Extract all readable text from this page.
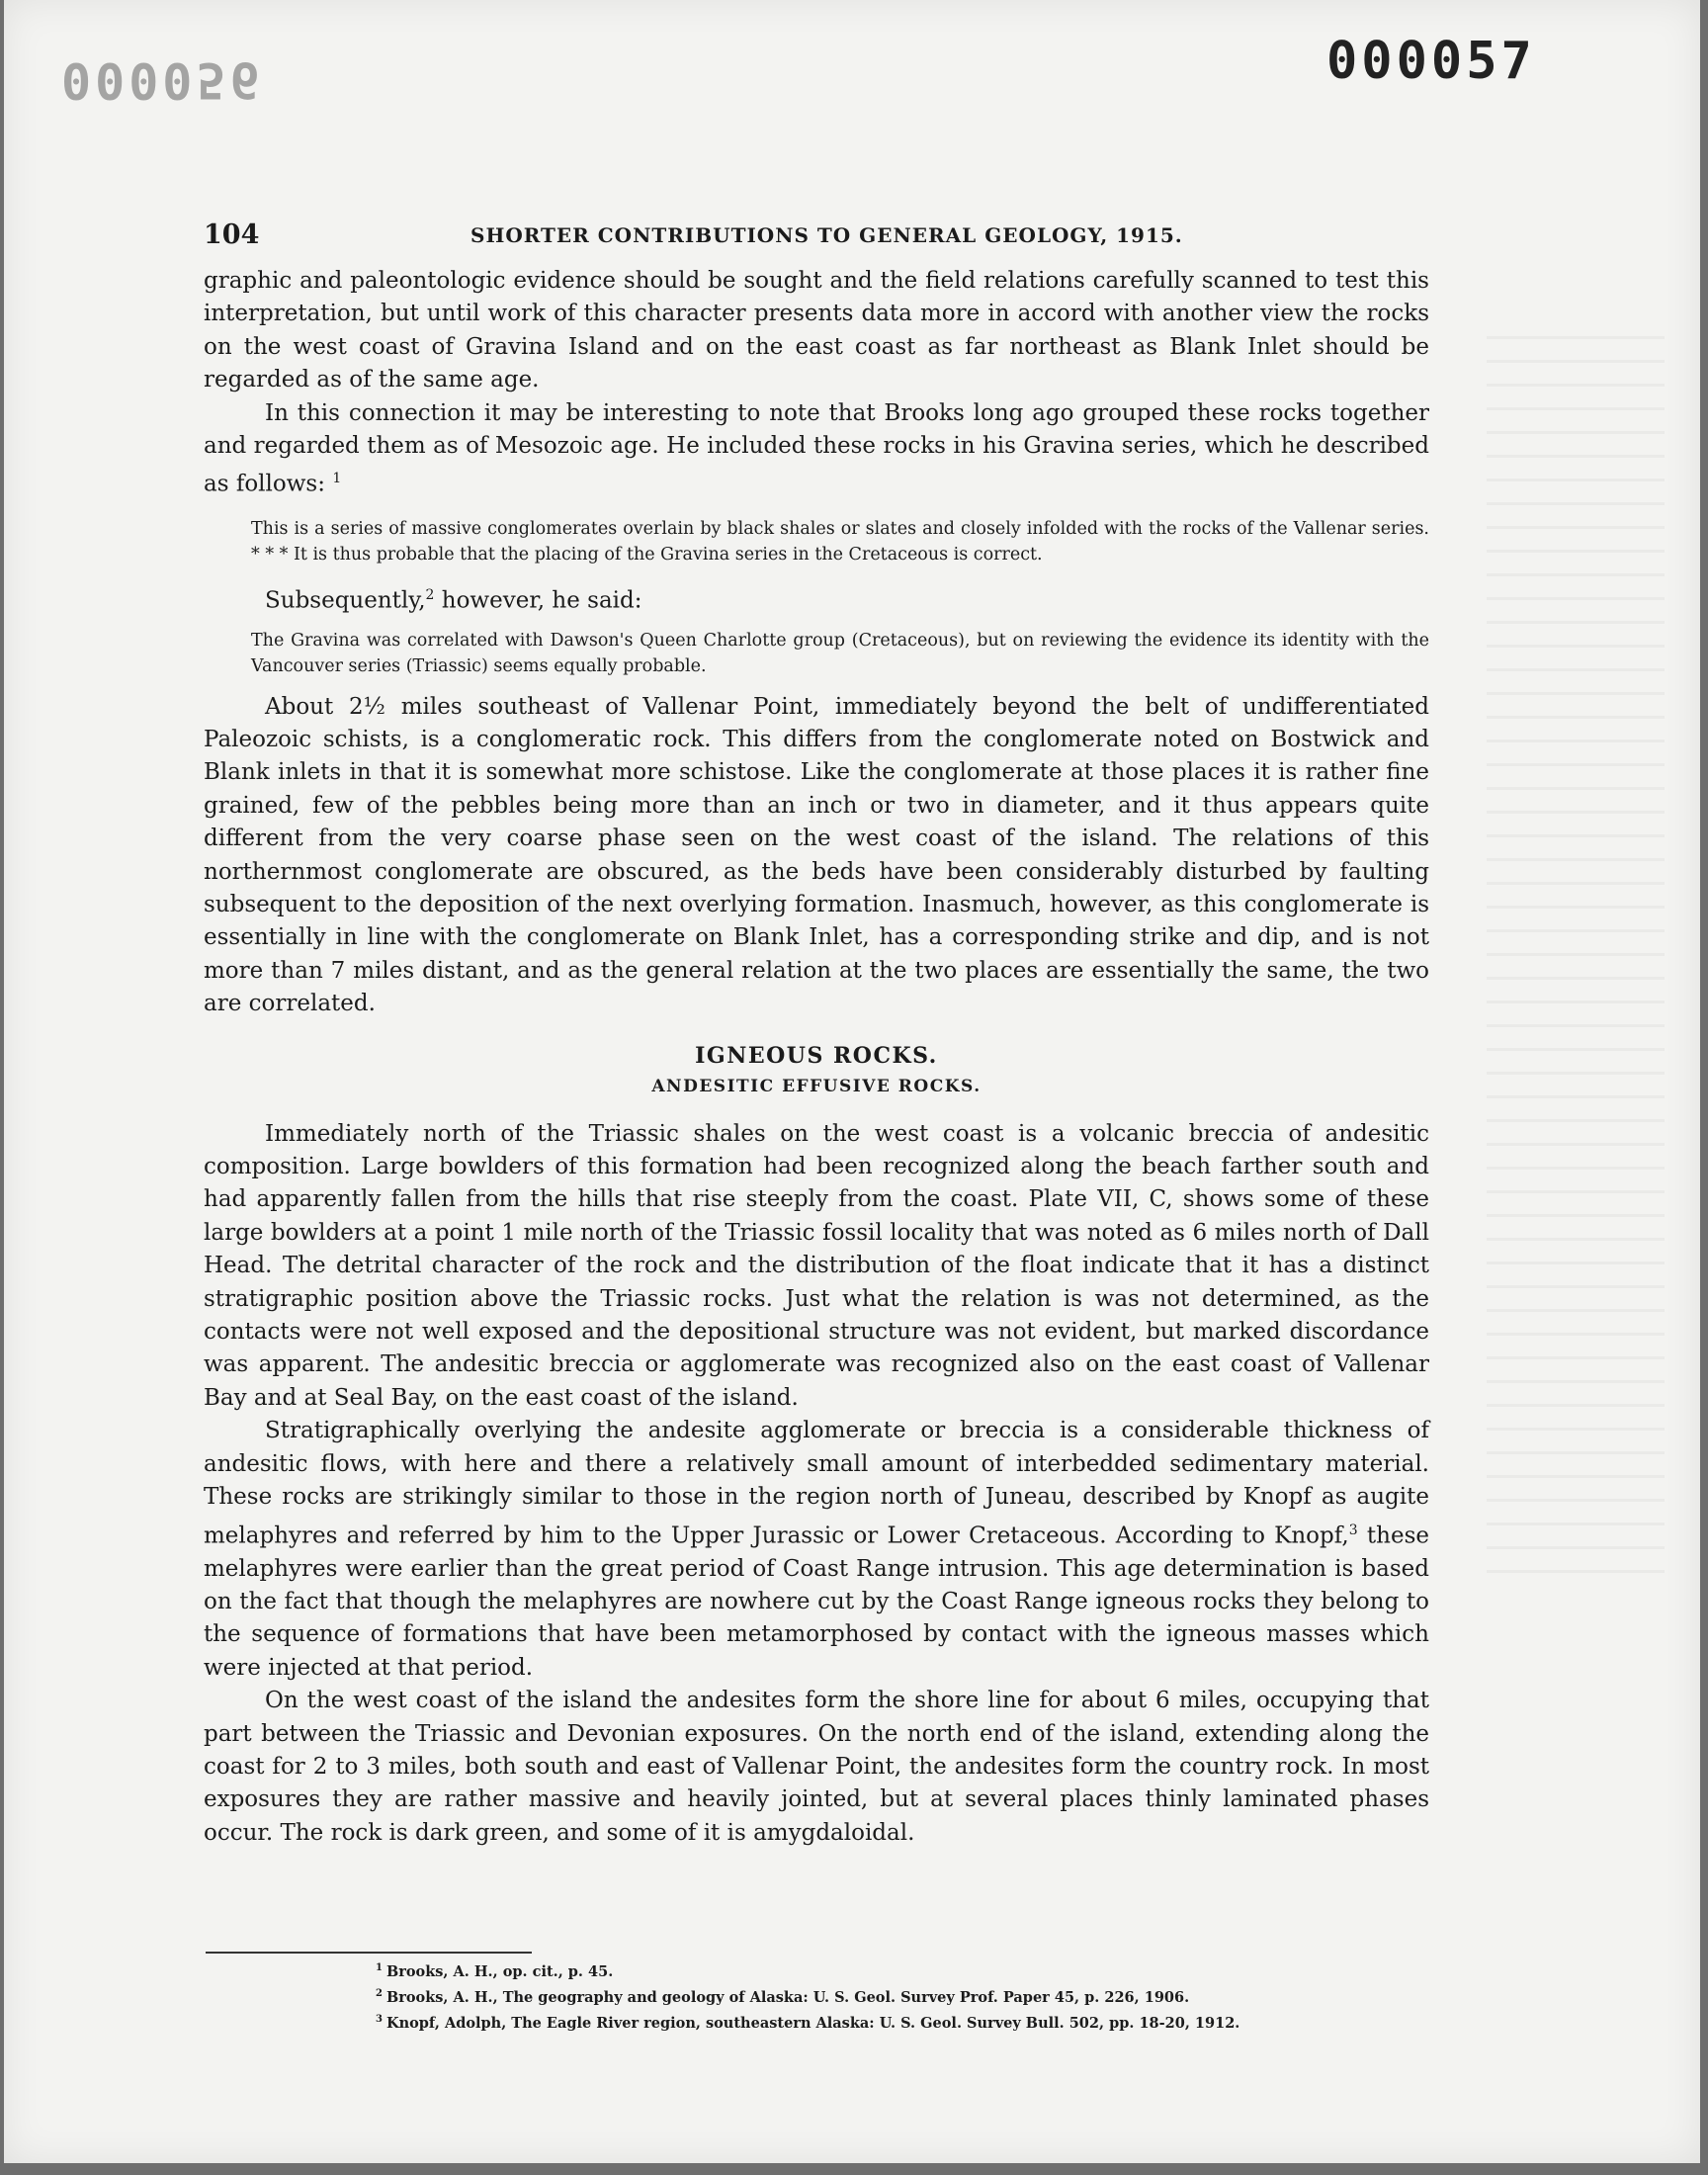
000056	000057
104	SHORTER CONTRIBUTIONS TO GENERAL GEOLOGY, 1915.

graphic and paleontologic evidence should be sought and the field relations carefully scanned to test this interpretation, but until work of this character presents data more in accord with another view the rocks on the west coast of Gravina Island and on the east coast as far northeast as Blank Inlet should be regarded as of the same age.

In this connection it may be interesting to note that Brooks long ago grouped these rocks together and regarded them as of Mesozoic age. He included these rocks in his Gravina series, which he described as follows: $^1$

This is a series of massive conglomerates overlain by black shales or slates and closely infolded with the rocks of the Vallenar series. * * * It is thus probable that the placing of the Gravina series in the Cretaceous is correct.

Subsequently,$^2$ however, he said:

The Gravina was correlated with Dawson's Queen Charlotte group (Cretaceous), but on reviewing the evidence its identity with the Vancouver series (Triassic) seems equally probable.

About 2½ miles southeast of Vallenar Point, immediately beyond the belt of undifferentiated Paleozoic schists, is a conglomeratic rock. This differs from the conglomerate noted on Bostwick and Blank inlets in that it is somewhat more schistose. Like the conglomerate at those places it is rather fine grained, few of the pebbles being more than an inch or two in diameter, and it thus appears quite different from the very coarse phase seen on the west coast of the island. The relations of this northernmost conglomerate are obscured, as the beds have been considerably disturbed by faulting subsequent to the deposition of the next overlying formation. Inasmuch, however, as this conglomerate is essentially in line with the conglomerate on Blank Inlet, has a corresponding strike and dip, and is not more than 7 miles distant, and as the general relation at the two places are essentially the same, the two are correlated.

IGNEOUS ROCKS.

ANDESITIC EFFUSIVE ROCKS.

Immediately north of the Triassic shales on the west coast is a volcanic breccia of andesitic composition. Large bowlders of this formation had been recognized along the beach farther south and had apparently fallen from the hills that rise steeply from the coast. Plate VII, C, shows some of these large bowlders at a point 1 mile north of the Triassic fossil locality that was noted as 6 miles north of Dall Head. The detrital character of the rock and the distribution of the float indicate that it has a distinct stratigraphic position above the Triassic rocks. Just what the relation is was not determined, as the contacts were not well exposed and the depositional structure was not evident, but marked discordance was apparent. The andesitic breccia or agglomerate was recognized also on the east coast of Vallenar Bay and at Seal Bay, on the east coast of the island.

Stratigraphically overlying the andesite agglomerate or breccia is a considerable thickness of andesitic flows, with here and there a relatively small amount of interbedded sedimentary material. These rocks are strikingly similar to those in the region north of Juneau, described by Knopf as augite melaphyres and referred by him to the Upper Jurassic or Lower Cretaceous. According to Knopf,$^3$ these melaphyres were earlier than the great period of Coast Range intrusion. This age determination is based on the fact that though the melaphyres are nowhere cut by the Coast Range igneous rocks they belong to the sequence of formations that have been metamorphosed by contact with the igneous masses which were injected at that period.

On the west coast of the island the andesites form the shore line for about 6 miles, occupying that part between the Triassic and Devonian exposures. On the north end of the island, extending along the coast for 2 to 3 miles, both south and east of Vallenar Point, the andesites form the country rock. In most exposures they are rather massive and heavily jointed, but at several places thinly laminated phases occur. The rock is dark green, and some of it is amygdaloidal.

$^1$ Brooks, A. H., op. cit., p. 45.
$^2$ Brooks, A. H., The geography and geology of Alaska: U. S. Geol. Survey Prof. Paper 45, p. 226, 1906.
$^3$ Knopf, Adolph, The Eagle River region, southeastern Alaska: U. S. Geol. Survey Bull. 502, pp. 18-20, 1912.
